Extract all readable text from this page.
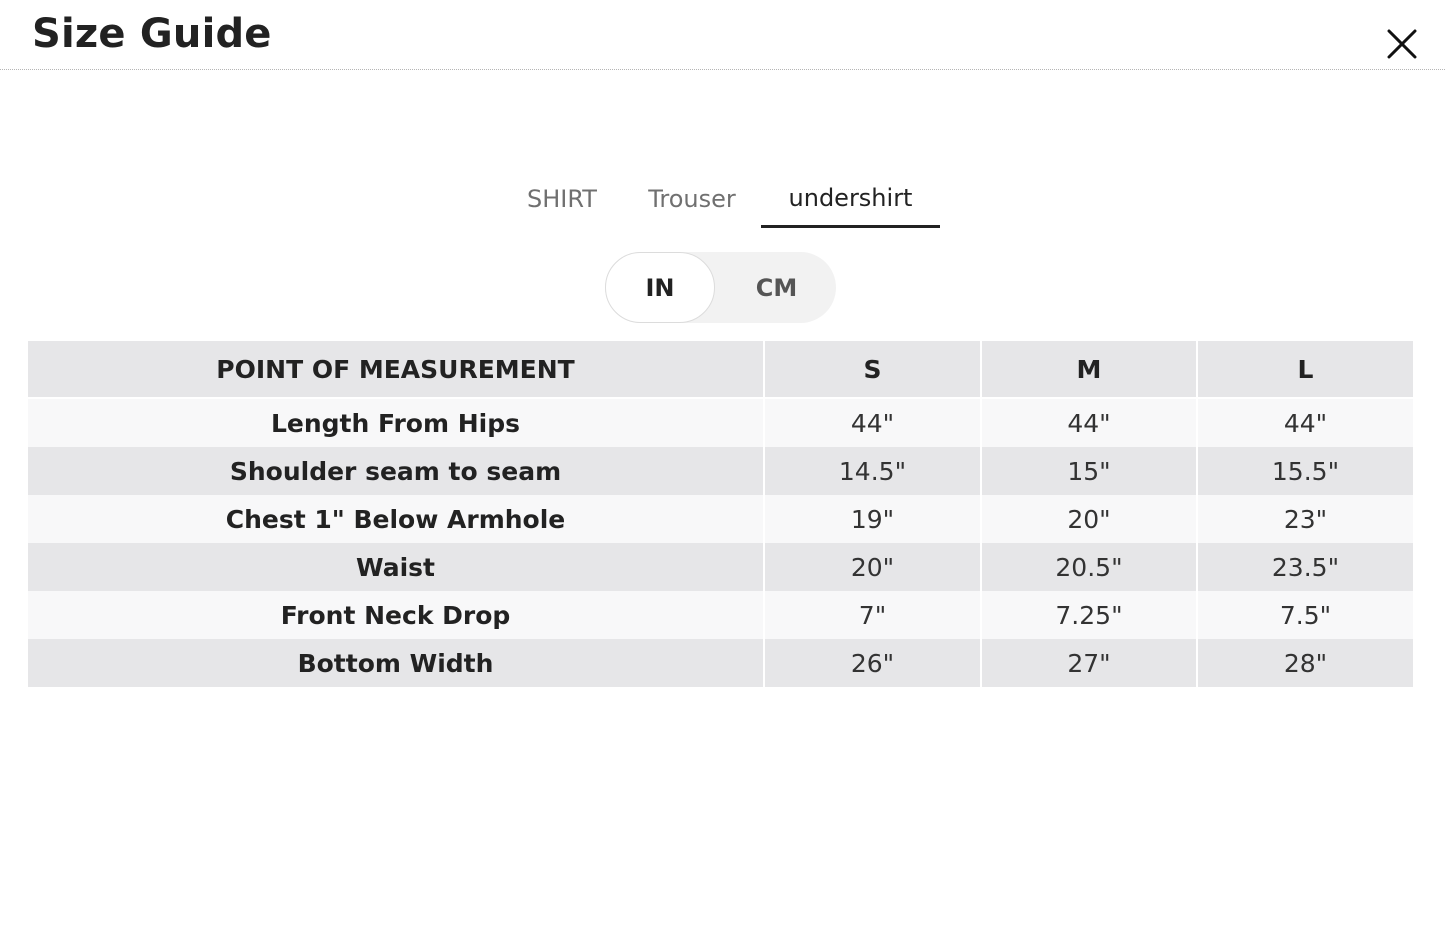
Size Guide
SHIRT	Trouser	undershirt
IN	CM
POINT OF MEASUREMENT	S	M	L
Length From Hips	44"	44"	44"
Shoulder seam to seam	14.5"	15"	15.5"
Chest 1" Below Armhole	19"	20"	23"
Waist	20"	20.5"	23.5"
Front Neck Drop	7"	7.25"	7.5"
Bottom Width	26"	27"	28"
